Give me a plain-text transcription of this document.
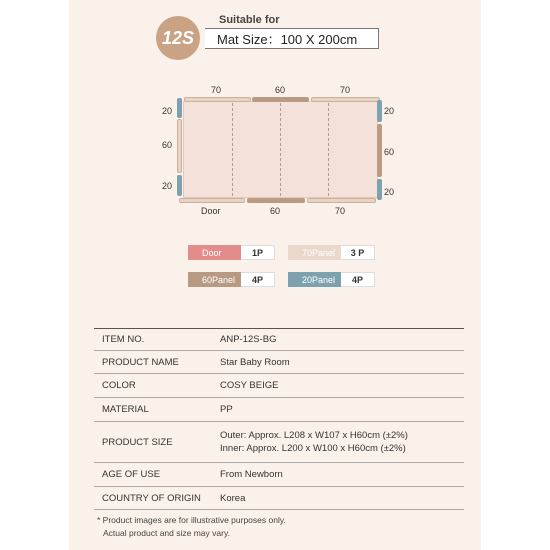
12S
Suitable for
Mat Size：100 X 200cm
70	60	70
20
60
20
20
60
20
Door	60	70
Door	1P	70Panel	3 P
60Panel	4P	20Panel	4P
ITEM NO.	ANP-12S-BG
PRODUCT NAME	Star Baby Room
COLOR	COSY BEIGE
MATERIAL	PP
PRODUCT SIZE	Outer: Approx. L208 x W107 x H60cm (±2%)
Inner: Approx. L200 x W100 x H60cm (±2%)

AGE OF USE	From Newborn
COUNTRY OF ORIGIN	Korea
* Product images are for illustrative purposes only.
Actual product and size may vary.
